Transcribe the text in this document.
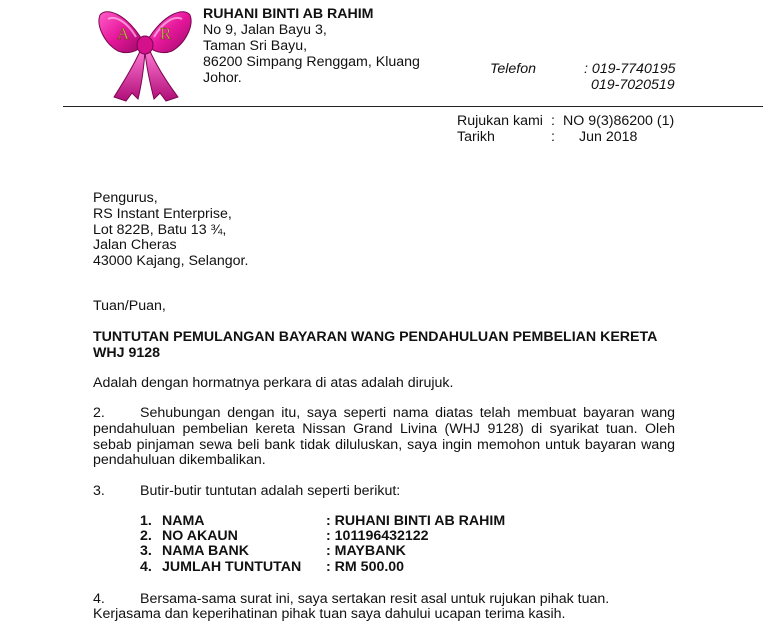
A R
RUHANI BINTI AB RAHIM
No 9, Jalan Bayu 3,
Taman Sri Bayu,
86200 Simpang Renggam, Kluang
Johor.
Telefon	: 019-7740195
019-7020519
Rujukan kami : NO 9(3)86200 (1)
Tarikh	: Jun 2018
Pengurus,
RS Instant Enterprise,
Lot 822B, Batu 13 ¾,
Jalan Cheras
43000 Kajang, Selangor.
Tuan/Puan,
TUNTUTAN PEMULANGAN BAYARAN WANG PENDAHULUAN PEMBELIAN KERETA
WHJ 9128
Adalah dengan hormatnya perkara di atas adalah dirujuk.
2. Sehubungan dengan itu, saya seperti nama diatas telah membuat bayaran wang
pendahuluan pembelian kereta Nissan Grand Livina (WHJ 9128) di syarikat tuan. Oleh
sebab pinjaman sewa beli bank tidak diluluskan, saya ingin memohon untuk bayaran wang
pendahuluan dikembalikan.
3. Butir-butir tuntutan adalah seperti berikut:
1. NAMA	: RUHANI BINTI AB RAHIM
2. NO AKAUN	: 101196432122
3. NAMA BANK	: MAYBANK
4. JUMLAH TUNTUTAN : RM 500.00
4. Bersama-sama surat ini, saya sertakan resit asal untuk rujukan pihak tuan.
Kerjasama dan keperihatinan pihak tuan saya dahului ucapan terima kasih.
